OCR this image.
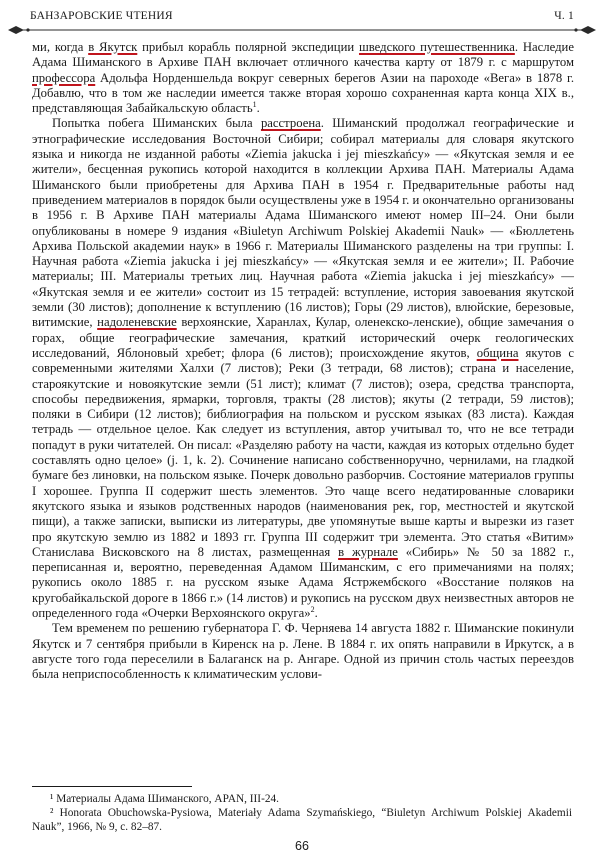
БАНЗАРОВСКИЕ ЧТЕНИЯ	Ч. 1

ми, когда в Якутск прибыл корабль полярной экспедиции шведского путешественника. Наследие Адама Шиманского в Архиве ПАН включает отличного качества карту от 1879 г. с маршрутом профессора Адольфа Норденшельда вокруг северных берегов Азии на пароходе «Вега» в 1878 г. Добавлю, что в том же наследии имеется также вторая хорошо сохраненная карта конца XIX в., представляющая Забайкальскую область$^1$.

Попытка побега Шиманских была расстроена. Шиманский продолжал географические и этнографические исследования Восточной Сибири; собирал материалы для словаря якутского языка и никогда не изданной работы «Ziemia jakucka i jej mieszkańcy» — «Якутская земля и ее жители», бесценная рукопись которой находится в коллекции Архива ПАН. Материалы Адама Шиманского были приобретены для Архива ПАН в 1954 г. Предварительные работы над приведением материалов в порядок были осуществлены уже в 1954 г. и окончательно организованы в 1956 г. В Архиве ПАН материалы Адама Шиманского имеют номер III–24. Они были опубликованы в номере 9 издания «Biuletyn Archiwum Polskiej Akademii Nauk» — «Бюллетень Архива Польской академии наук» в 1966 г. Материалы Шиманского разделены на три группы: I. Научная работа «Ziemia jakucka i jej mieszkańcy» — «Якутская земля и ее жители»; II. Рабочие материалы; III. Материалы третьих лиц. Научная работа «Ziemia jakucka i jej mieszkańcy» — «Якутская земля и ее жители» состоит из 15 тетрадей: вступление, история завоевания якутской земли (30 листов); дополнение к вступлению (16 листов); Горы (29 листов), влюйские, березовые, витимские, надоленевские верхоянские, Харанлах, Кулар, оленекско-ленские), общие замечания о горах, общие географические замечания, краткий исторический очерк геологических исследований, Яблоновый хребет; флора (6 листов); происхождение якутов, община якутов с современными жителями Халхи (7 листов); Реки (3 тетради, 68 листов); страна и население, староякутские и новоякутские земли (51 лист); климат (7 листов); озера, средства транспорта, способы передвижения, ярмарки, торговля, тракты (28 листов); якуты (2 тетради, 59 листов); поляки в Сибири (12 листов); библиография на польском и русском языках (83 листа). Каждая тетрадь — отдельное целое. Как следует из вступления, автор учитывал то, что не все тетради попадут в руки читателей. Он писал: «Разделяю работу на части, каждая из которых отдельно будет составлять одно целое» (j. 1, k. 2). Сочинение написано собственноручно, чернилами, на гладкой бумаге без линовки, на польском языке. Почерк довольно разборчив. Состояние материалов группы I хорошее. Группа II содержит шесть элементов. Это чаще всего недатированные словарики якутского языка и языков родственных народов (наименования рек, гор, местностей и якутской пищи), а также записки, выписки из литературы, две упомянутые выше карты и вырезки из газет про якутскую землю из 1882 и 1893 гг. Группа III содержит три элемента. Это статья «Витим» Станислава Висковского на 8 листах, размещенная в журнале «Сибирь» № 50 за 1882 г., переписанная и, вероятно, переведенная Адамом Шиманским, с его примечаниями на полях; рукопись около 1885 г. на русском языке Адама Ястржембского «Восстание поляков на кругобайкальской дороге в 1866 г.» (14 листов) и рукопись на русском двух неизвестных авторов не определенного года «Очерки Верхоянского округа»$^2$.

Тем временем по решению губернатора Г. Ф. Черняева 14 августа 1882 г. Шиманские покинули Якутск и 7 сентября прибыли в Киренск на р. Лене. В 1884 г. их опять направили в Иркутск, а в августе того года переселили в Балаганск на р. Ангаре. Одной из причин столь частых переездов была неприспособленность к климатическим услови-

¹ Материалы Адама Шиманского, APAN, III-24.

² Honorata Obuchowska-Pysiowa, Materiały Adama Szymańskiego, “Biuletyn Archiwum Polskiej Akademii Nauk”, 1966, № 9, с. 82–87.

66
